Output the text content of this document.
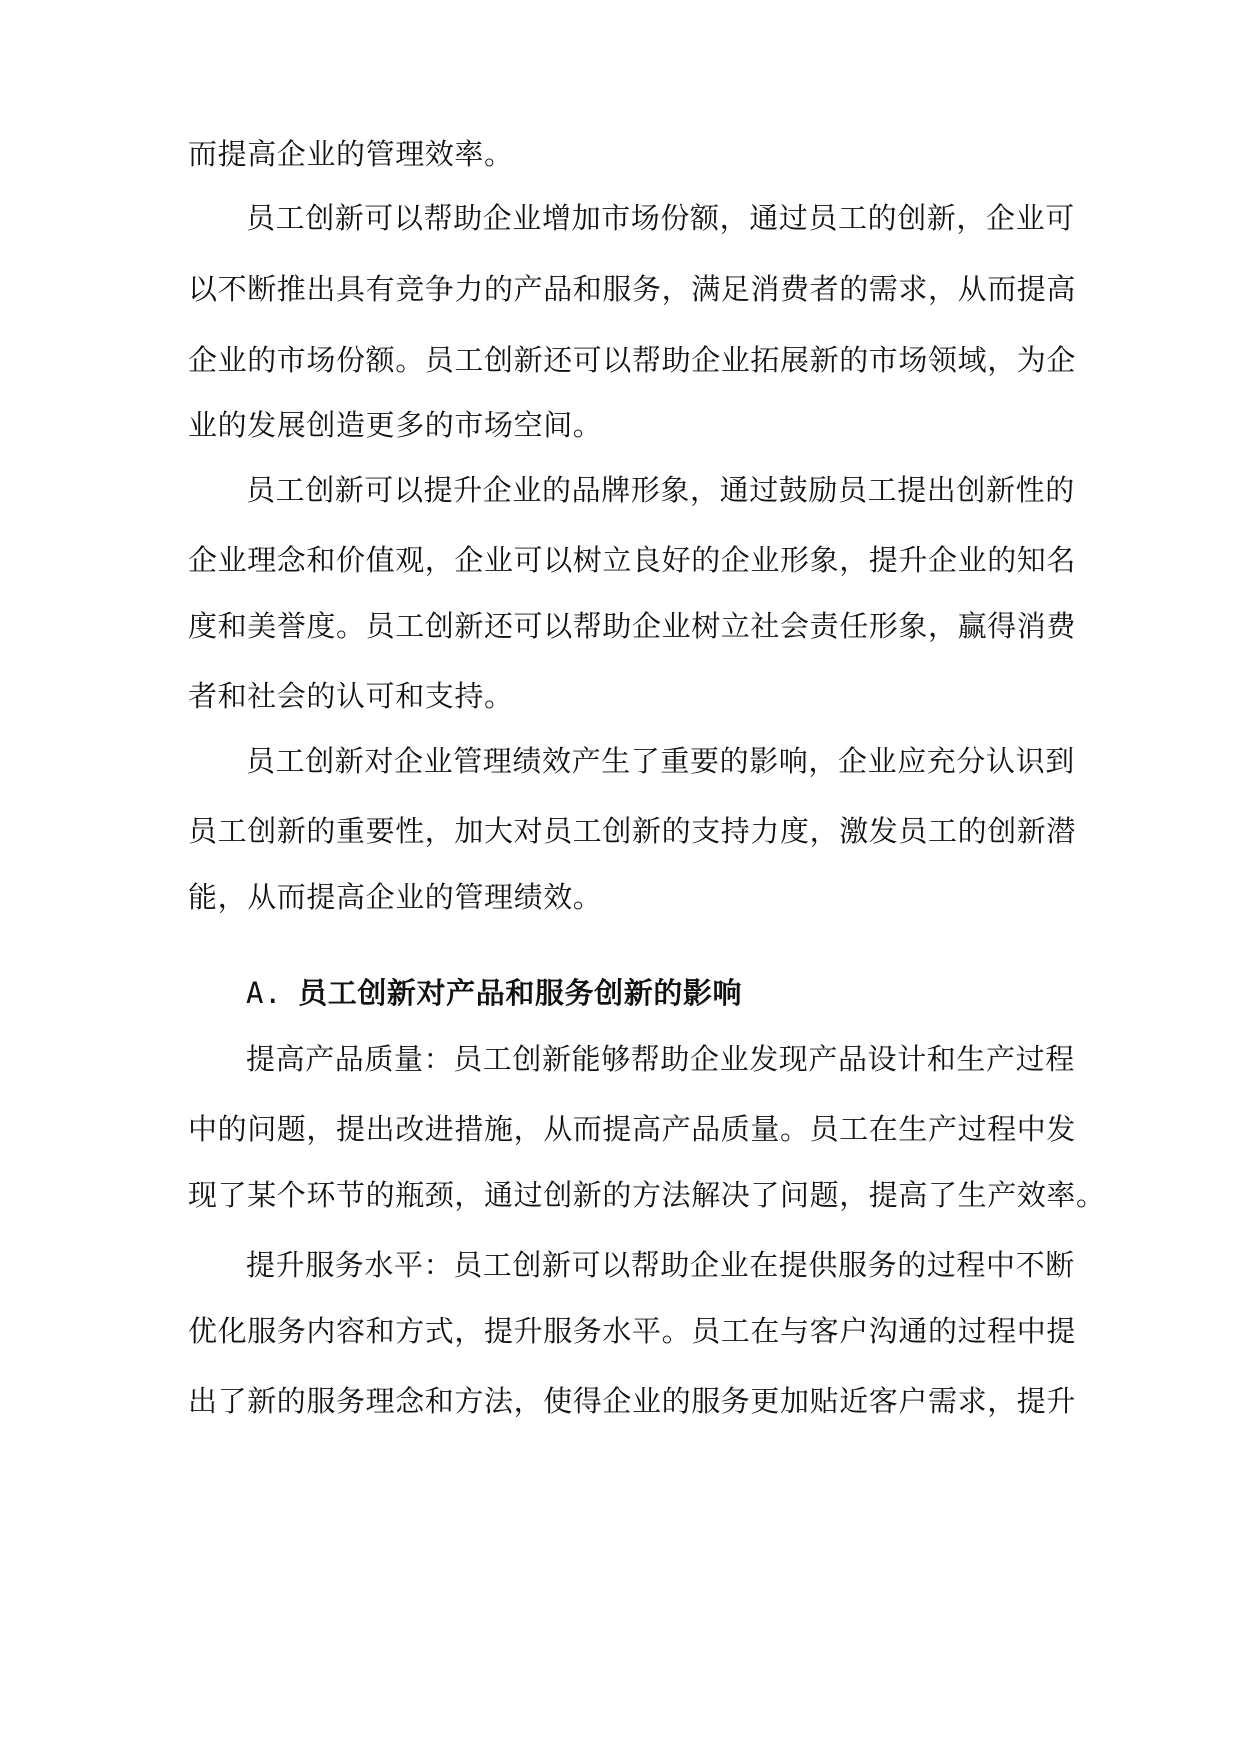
而提高企业的管理效率。
员工创新可以帮助企业增加市场份额，通过员工的创新，企业可
以不断推出具有竞争力的产品和服务，满足消费者的需求，从而提高
企业的市场份额。员工创新还可以帮助企业拓展新的市场领域，为企
业的发展创造更多的市场空间。
员工创新可以提升企业的品牌形象，通过鼓励员工提出创新性的
企业理念和价值观，企业可以树立良好的企业形象，提升企业的知名
度和美誉度。员工创新还可以帮助企业树立社会责任形象，赢得消费
者和社会的认可和支持。
员工创新对企业管理绩效产生了重要的影响，企业应充分认识到
员工创新的重要性，加大对员工创新的支持力度，激发员工的创新潜
能，从而提高企业的管理绩效。
A. 员工创新对产品和服务创新的影响
提高产品质量：员工创新能够帮助企业发现产品设计和生产过程
中的问题，提出改进措施，从而提高产品质量。员工在生产过程中发
现了某个环节的瓶颈，通过创新的方法解决了问题，提高了生产效率。
提升服务水平：员工创新可以帮助企业在提供服务的过程中不断
优化服务内容和方式，提升服务水平。员工在与客户沟通的过程中提
出了新的服务理念和方法，使得企业的服务更加贴近客户需求，提升
